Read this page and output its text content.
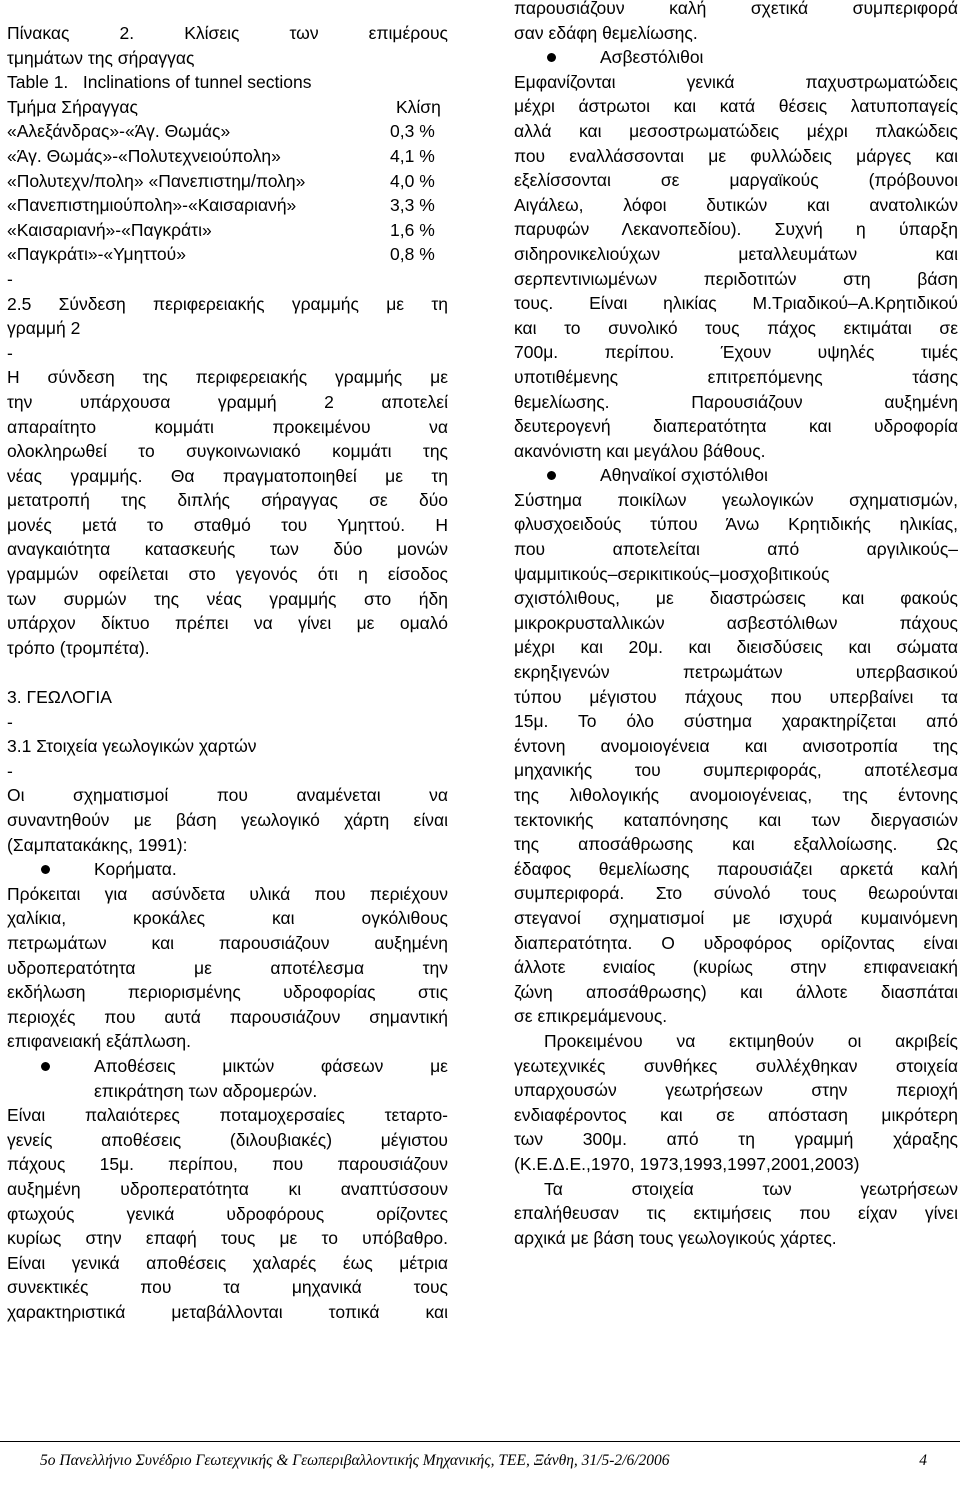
Πίνακας 2. Κλίσεις των επιμέρους
τμημάτων της σήραγγας
Table 1.   Inclinations of tunnel sections
Τμήμα Σήραγγας	Κλίση
«Αλεξάνδρας»-«Άγ. Θωμάς»	0,3 %
«Άγ. Θωμάς»-«Πολυτεχνειούπολη»	4,1 %
«Πολυτεχν/πολη» «Πανεπιστημ/πολη»	4,0 %
«Πανεπιστημιούπολη»-«Καισαριανή»	3,3 %
«Καισαριανή»-«Παγκράτι»	1,6 %
«Παγκράτι»-«Υμηττού»	0,8 %
-
2.5 Σύνδεση περιφερειακής γραμμής με τη
γραμμή 2
-
Η σύνδεση της περιφερειακής γραμμής με
την υπάρχουσα γραμμή 2 αποτελεί
απαραίτητο κομμάτι προκειμένου να
ολοκληρωθεί το συγκοινωνιακό κομμάτι της
νέας γραμμής. Θα πραγματοποιηθεί με τη
μετατροπή της διπλής σήραγγας σε δύο
μονές μετά το σταθμό του Υμηττού. Η
αναγκαιότητα κατασκευής των δύο μονών
γραμμών οφείλεται στο γεγονός ότι η είσοδος
των συρμών της νέας γραμμής στο ήδη
υπάρχον δίκτυο πρέπει να γίνει με ομαλό
τρόπο (τρομπέτα).
3. ΓΕΩΛΟΓΙΑ
-
3.1 Στοιχεία γεωλογικών χαρτών
-
Οι σχηματισμοί που αναμένεται να
συναντηθούν με βάση γεωλογικό χάρτη είναι
(Σαμπατακάκης, 1991):
Κορήματα.
Πρόκειται για ασύνδετα υλικά που περιέχουν
χαλίκια, κροκάλες και ογκόλιθους
πετρωμάτων και παρουσιάζουν αυξημένη
υδροπερατότητα με αποτέλεσμα την
εκδήλωση περιορισμένης υδροφορίας στις
περιοχές που αυτά παρουσιάζουν σημαντική
επιφανειακή εξάπλωση.
Αποθέσεις μικτών φάσεων με
επικράτηση των αδρομερών.
Είναι παλαιότερες ποταμοχερσαίες τεταρτο-
γενείς αποθέσεις (διλουβιακές) μέγιστου
πάχους 15μ. περίπου, που παρουσιάζουν
αυξημένη υδροπερατότητα κι αναπτύσσουν
φτωχούς γενικά υδροφόρους ορίζοντες
κυρίως στην επαφή τους με το υπόβαθρο.
Είναι γενικά αποθέσεις χαλαρές έως μέτρια
συνεκτικές που τα μηχανικά τους
χαρακτηριστικά μεταβάλλονται τοπικά και
παρουσιάζουν καλή σχετικά συμπεριφορά
σαν εδάφη θεμελίωσης.
Ασβεστόλιθοι
Εμφανίζονται γενικά παχυστρωματώδεις
μέχρι άστρωτοι και κατά θέσεις λατυποπαγείς
αλλά και μεσοστρωματώδεις μέχρι πλακώδεις
που εναλλάσσονται με φυλλώδεις μάργες και
εξελίσσονται σε μαργαϊκούς (πρόβουνοι
Αιγάλεω, λόφοι δυτικών και ανατολικών
παρυφών Λεκανοπεδίου). Συχνή η ύπαρξη
σιδηρονικελιούχων μεταλλευμάτων και
σερπεντινιωμένων περιδοτιτών στη βάση
τους. Είναι ηλικίας Μ.Τριαδικού–Α.Κρητιδικού
και το συνολικό τους πάχος εκτιμάται σε
700μ. περίπου. Έχουν υψηλές τιμές
υποτιθέμενης επιτρεπόμενης τάσης
θεμελίωσης. Παρουσιάζουν αυξημένη
δευτερογενή διαπερατότητα και υδροφορία
ακανόνιστη και μεγάλου βάθους.
Αθηναϊκοί σχιστόλιθοι
Σύστημα ποικίλων γεωλογικών σχηματισμών,
φλυσχοειδούς τύπου Άνω Κρητιδικής ηλικίας,
που αποτελείται από αργιλικούς–
ψαμμιτικούς–σερικιτικούς–μοσχοβιτικούς
σχιστόλιθους, με διαστρώσεις και φακούς
μικροκρυσταλλικών ασβεστόλιθων πάχους
μέχρι και 20μ. και διεισδύσεις και σώματα
εκρηξιγενών πετρωμάτων υπερβασικού
τύπου μέγιστου πάχους που υπερβαίνει τα
15μ. Το όλο σύστημα χαρακτηρίζεται από
έντονη ανομοιογένεια και ανισοτροπία της
μηχανικής του συμπεριφοράς, αποτέλεσμα
της λιθολογικής ανομοιογένειας, της έντονης
τεκτονικής καταπόνησης και των διεργασιών
της αποσάθρωσης και εξαλλοίωσης. Ως
έδαφος θεμελίωσης παρουσιάζει αρκετά καλή
συμπεριφορά. Στο σύνολό τους θεωρούνται
στεγανοί σχηματισμοί με ισχυρά κυμαινόμενη
διαπερατότητα. Ο υδροφόρος ορίζοντας είναι
άλλοτε ενιαίος (κυρίως στην επιφανειακή
ζώνη αποσάθρωσης) και άλλοτε διασπάται
σε επικρεμάμενους.
Προκειμένου να εκτιμηθούν οι ακριβείς
γεωτεχνικές συνθήκες συλλέχθηκαν στοιχεία
υπαρχουσών γεωτρήσεων στην περιοχή
ενδιαφέροντος και σε απόσταση μικρότερη
των 300μ. από τη γραμμή χάραξης
(Κ.Ε.Δ.Ε.,1970, 1973,1993,1997,2001,2003)
Τα στοιχεία των γεωτρήσεων
επαλήθευσαν τις εκτιμήσεις που είχαν γίνει
αρχικά με βάση τους γεωλογικούς χάρτες.
5ο Πανελλήνιο Συνέδριο Γεωτεχνικής & Γεωπεριβαλλοντικής Μηχανικής, ΤΕΕ, Ξάνθη, 31/5-2/6/2006	4
